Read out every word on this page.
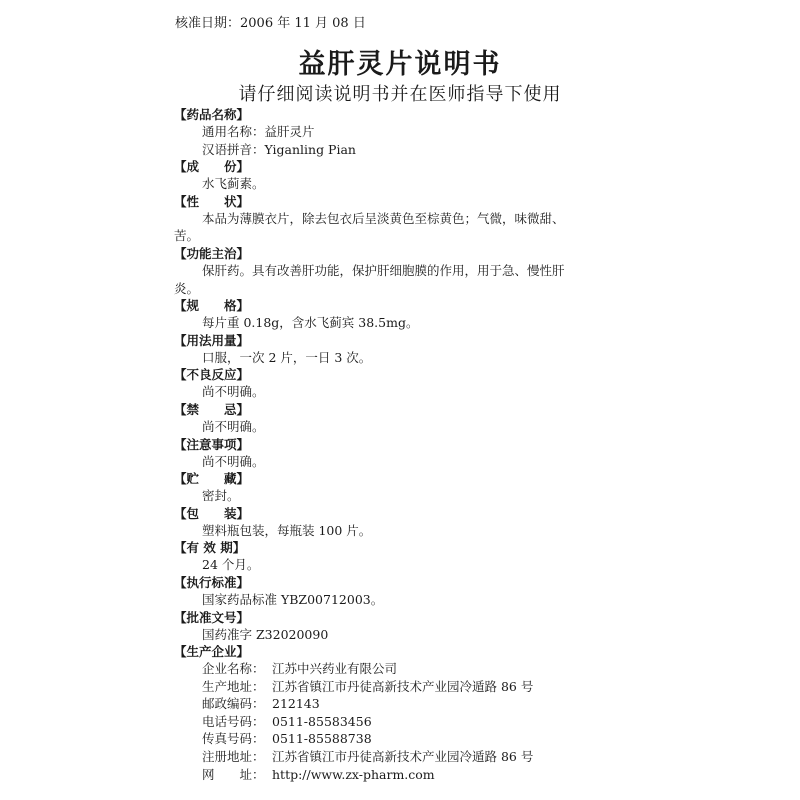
核准日期：2006 年 11 月 08 日
益肝灵片说明书
请仔细阅读说明书并在医师指导下使用
【药品名称】
通用名称：益肝灵片
汉语拼音：Yiganling Pian
【成　　份】
水飞蓟素。
【性　　状】
本品为薄膜衣片，除去包衣后呈淡黄色至棕黄色；气微，味微甜、
苦。
【功能主治】
保肝药。具有改善肝功能，保护肝细胞膜的作用，用于急、慢性肝
炎。
【规　　格】
每片重 0.18g，含水飞蓟宾 38.5mg。
【用法用量】
口服，一次 2 片，一日 3 次。
【不良反应】
尚不明确。
【禁　　忌】
尚不明确。
【注意事项】
尚不明确。
【贮　　藏】
密封。
【包　　装】
塑料瓶包装，每瓶装 100 片。
【有 效 期】
24 个月。
【执行标准】
国家药品标准 YBZ00712003。
【批准文号】
国药准字 Z32020090
【生产企业】
企业名称： 江苏中兴药业有限公司
生产地址： 江苏省镇江市丹徒高新技术产业园冷遁路 86 号
邮政编码： 212143
电话号码： 0511-85583456
传真号码： 0511-85588738
注册地址： 江苏省镇江市丹徒高新技术产业园冷遁路 86 号
网　　址： http://www.zx-pharm.com
